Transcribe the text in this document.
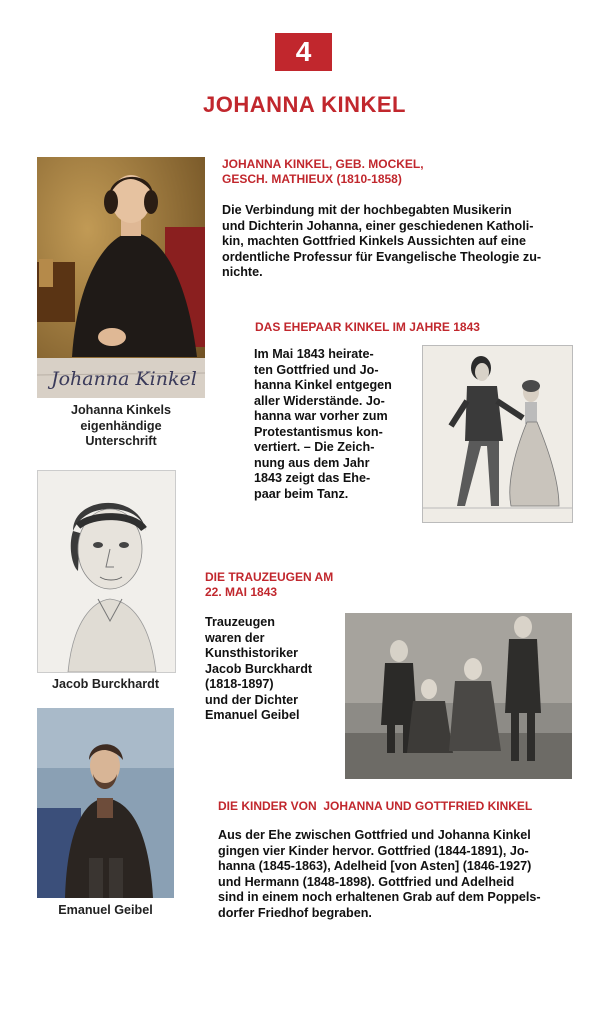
4
JOHANNA KINKEL
Johanna Kinkel
Johanna Kinkels
eigenhändige
Unterschrift
JOHANNA KINKEL, GEB. MOCKEL,
GESCH. MATHIEUX (1810-1858)
Die Verbindung mit der hochbegabten Musikerin
und Dichterin Johanna, einer geschiedenen Katholi-
kin, machten Gottfried Kinkels Aussichten auf eine
ordentliche Professur für Evangelische Theologie zu-
nichte.
DAS EHEPAAR KINKEL IM JAHRE 1843
Im Mai 1843 heirate-
ten Gottfried und Jo-
hanna Kinkel entgegen
aller Widerstände. Jo-
hanna war vorher zum
Protestantismus kon-
vertiert. – Die Zeich-
nung aus dem Jahr
1843 zeigt das Ehe-
paar beim Tanz.
Jacob Burckhardt
DIE TRAUZEUGEN AM
22. MAI 1843
Trauzeugen
waren der
Kunsthistoriker
Jacob Burckhardt
(1818-1897)
und der Dichter
Emanuel Geibel
Emanuel Geibel
DIE KINDER VON  JOHANNA UND GOTTFRIED KINKEL
Aus der Ehe zwischen Gottfried und Johanna Kinkel
gingen vier Kinder hervor. Gottfried (1844-1891), Jo-
hanna (1845-1863), Adelheid [von Asten] (1846-1927)
und Hermann (1848-1898). Gottfried und Adelheid
sind in einem noch erhaltenen Grab auf dem Poppels-
dorfer Friedhof begraben.
